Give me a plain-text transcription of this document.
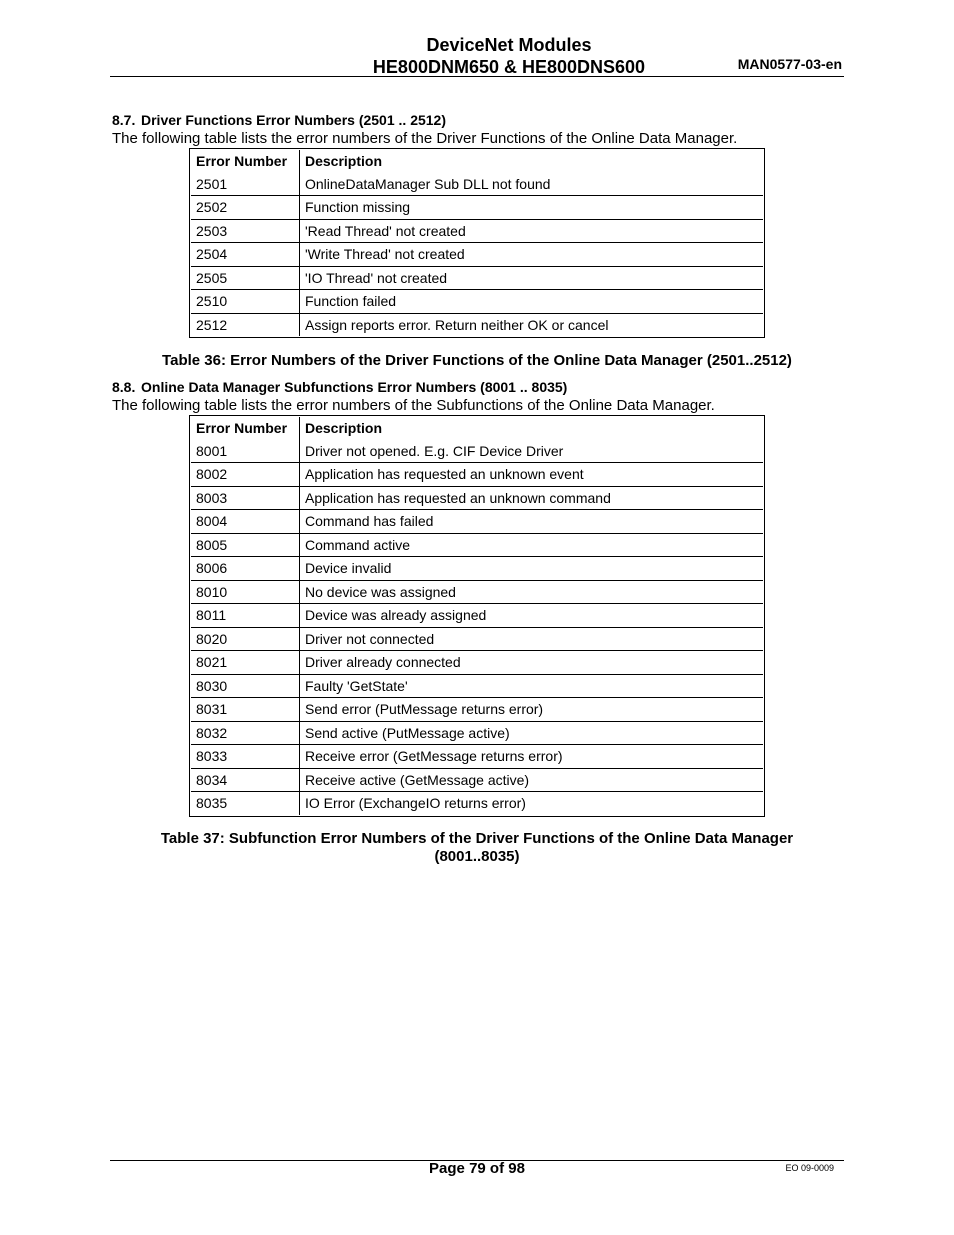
DeviceNet Modules
HE800DNM650 & HE800DNS600	MAN0577-03-en
8.7. Driver Functions Error Numbers (2501 .. 2512)
The following table lists the error numbers of the Driver Functions of the Online Data Manager.
Error Number	Description
2501	OnlineDataManager Sub DLL not found
2502	Function missing
2503	'Read Thread' not created
2504	'Write Thread' not created
2505	'IO Thread' not created
2510	Function failed
2512	Assign reports error. Return neither OK or cancel
Table 36: Error Numbers of the Driver Functions of the Online Data Manager (2501..2512)
8.8. Online Data Manager Subfunctions Error Numbers (8001 .. 8035)
The following table lists the error numbers of the Subfunctions of the Online Data Manager.
Error Number	Description
8001	Driver not opened. E.g. CIF Device Driver
8002	Application has requested an unknown event
8003	Application has requested an unknown command
8004	Command has failed
8005	Command active
8006	Device invalid
8010	No device was assigned
8011	Device was already assigned
8020	Driver not connected
8021	Driver already connected
8030	Faulty 'GetState'
8031	Send error (PutMessage returns error)
8032	Send active (PutMessage active)
8033	Receive error (GetMessage returns error)
8034	Receive active (GetMessage active)
8035	IO Error (ExchangeIO returns error)
Table 37: Subfunction Error Numbers of the Driver Functions of the Online Data Manager
(8001..8035)
Page 79 of 98	EO 09-0009
